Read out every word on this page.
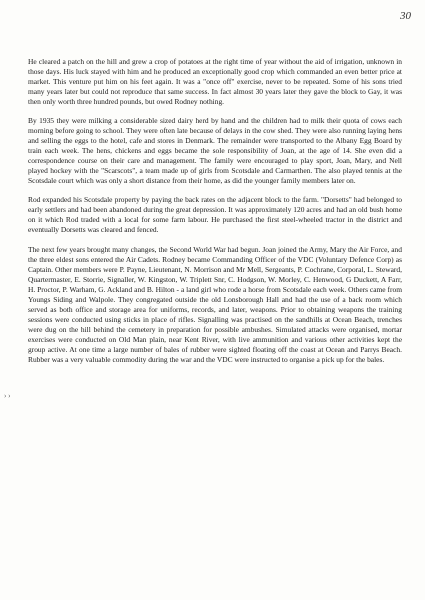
30
› ›

He cleared a patch on the hill and grew a crop of potatoes at the right time of year without the aid of irrigation, unknown in those days. His luck stayed with him and he produced an exceptionally good crop which commanded an even better price at market. This venture put him on his feet again. It was a "once off" exercise, never to be repeated. Some of his sons tried many years later but could not reproduce that same success. In fact almost 30 years later they gave the block to Gay, it was then only worth three hundred pounds, but owed Rodney nothing.

By 1935 they were milking a considerable sized dairy herd by hand and the children had to milk their quota of cows each morning before going to school. They were often late because of delays in the cow shed. They were also running laying hens and selling the eggs to the hotel, cafe and stores in Denmark. The remainder were transported to the Albany Egg Board by train each week. The hens, chickens and eggs became the sole responsibility of Joan, at the age of 14. She even did a correspondence course on their care and management. The family were encouraged to play sport, Joan, Mary, and Nell played hockey with the "Scarscots", a team made up of girls from Scotsdale and Carmarthen. The also played tennis at the Scotsdale court which was only a short distance from their home, as did the younger family members later on.

Rod expanded his Scotsdale property by paying the back rates on the adjacent block to the farm. "Dorsetts" had belonged to early settlers and had been abandoned during the great depression. It was approximately 120 acres and had an old bush home on it which Rod traded with a local for some farm labour. He purchased the first steel-wheeled tractor in the district and eventually Dorsetts was cleared and fenced.

The next few years brought many changes, the Second World War had begun. Joan joined the Army, Mary the Air Force, and the three eldest sons entered the Air Cadets. Rodney became Commanding Officer of the VDC (Voluntary Defence Corp) as Captain. Other members were P. Payne, Lieutenant, N. Morrison and Mr Mell, Sergeants, P. Cochrane, Corporal, L. Steward, Quartermaster, E. Storrie, Signaller, W. Kingston, W. Triplett Snr, C. Hodgson, W. Morley, C. Henwood, G Duckett, A Farr, H. Proctor, P. Warham, G. Ackland and B. Hilton - a land girl who rode a horse from Scotsdale each week. Others came from Youngs Siding and Walpole. They congregated outside the old Lonsborough Hall and had the use of a back room which served as both office and storage area for uniforms, records, and later, weapons. Prior to obtaining weapons the training sessions were conducted using sticks in place of rifles. Signalling was practised on the sandhills at Ocean Beach, trenches were dug on the hill behind the cemetery in preparation for possible ambushes. Simulated attacks were organised, mortar exercises were conducted on Old Man plain, near Kent River, with live ammunition and various other activities kept the group active. At one time a large number of bales of rubber were sighted floating off the coast at Ocean and Parrys Beach. Rubber was a very valuable commodity during the war and the VDC were instructed to organise a pick up for the bales.
